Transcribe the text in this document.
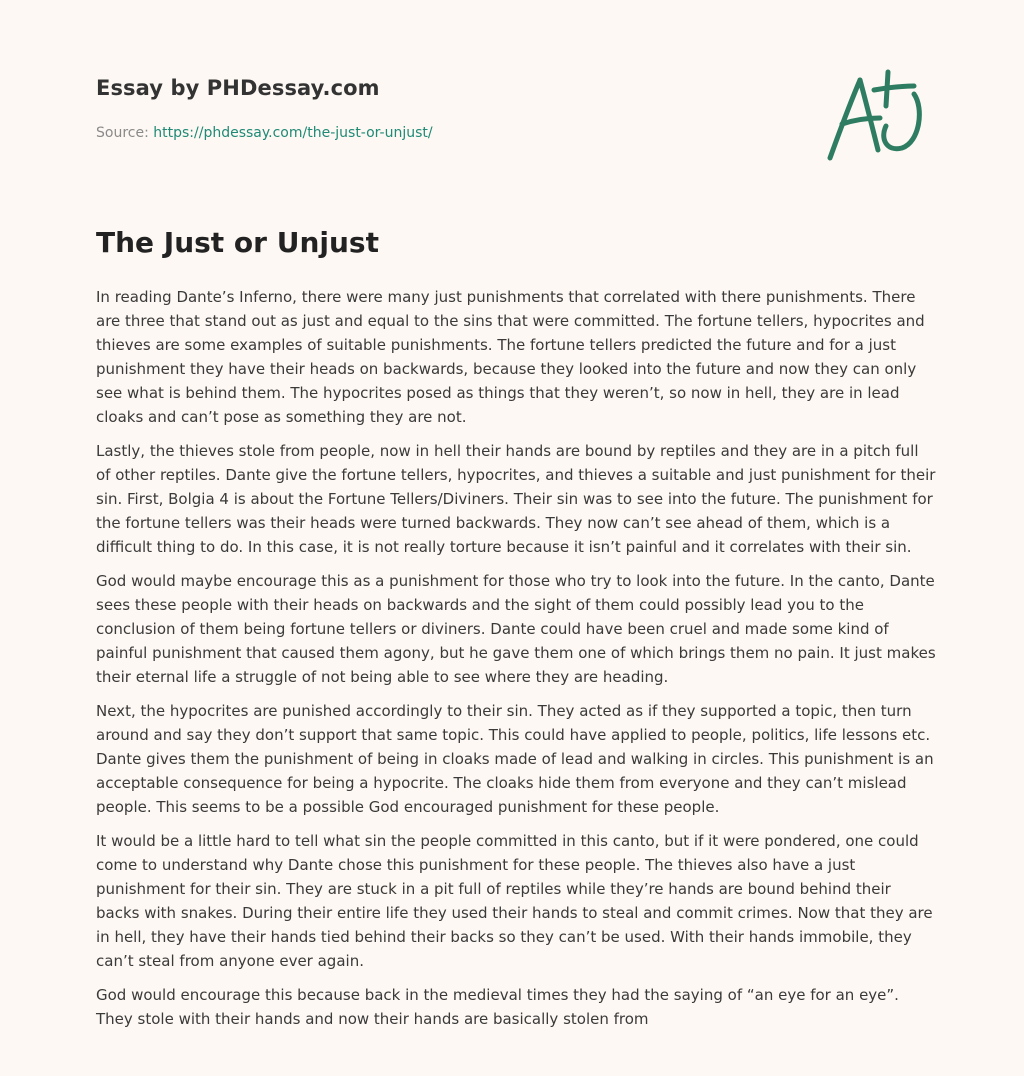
Essay by PHDessay.com
Source: https://phdessay.com/the-just-or-unjust/
The Just or Unjust

In reading Dante’s Inferno, there were many just punishments that correlated with there punishments. There are three that stand out as just and equal to the sins that were committed. The fortune tellers, hypocrites and thieves are some examples of suitable punishments. The fortune tellers predicted the future and for a just punishment they have their heads on backwards, because they looked into the future and now they can only see what is behind them. The hypocrites posed as things that they weren’t, so now in hell, they are in lead cloaks and can’t pose as something they are not.

Lastly, the thieves stole from people, now in hell their hands are bound by reptiles and they are in a pitch full of other reptiles. Dante give the fortune tellers, hypocrites, and thieves a suitable and just punishment for their sin. First, Bolgia 4 is about the Fortune Tellers/Diviners. Their sin was to see into the future. The punishment for the fortune tellers was their heads were turned backwards. They now can’t see ahead of them, which is a difficult thing to do. In this case, it is not really torture because it isn’t painful and it correlates with their sin.

God would maybe encourage this as a punishment for those who try to look into the future. In the canto, Dante sees these people with their heads on backwards and the sight of them could possibly lead you to the conclusion of them being fortune tellers or diviners. Dante could have been cruel and made some kind of painful punishment that caused them agony, but he gave them one of which brings them no pain. It just makes their eternal life a struggle of not being able to see where they are heading.

Next, the hypocrites are punished accordingly to their sin. They acted as if they supported a topic, then turn around and say they don’t support that same topic. This could have applied to people, politics, life lessons etc. Dante gives them the punishment of being in cloaks made of lead and walking in circles. This punishment is an acceptable consequence for being a hypocrite. The cloaks hide them from everyone and they can’t mislead people. This seems to be a possible God encouraged punishment for these people.

It would be a little hard to tell what sin the people committed in this canto, but if it were pondered, one could come to understand why Dante chose this punishment for these people. The thieves also have a just punishment for their sin. They are stuck in a pit full of reptiles while they’re hands are bound behind their backs with snakes. During their entire life they used their hands to steal and commit crimes. Now that they are in hell, they have their hands tied behind their backs so they can’t be used. With their hands immobile, they can’t steal from anyone ever again.

God would encourage this because back in the medieval times they had the saying of “an eye for an eye”. They stole with their hands and now their hands are basically stolen from
